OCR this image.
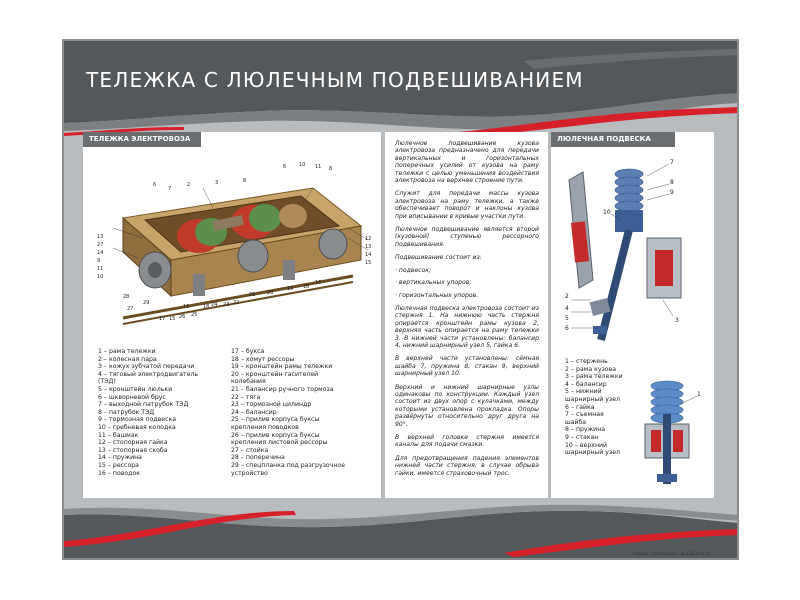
ТЕЛЕЖКА С ЛЮЛЕЧНЫМ ПОДВЕШИВАНИЕМ
ТЕЛЕЖКА ЭЛЕКТРОВОЗА
6
7
2	3	8
6	10 11 8
13
27
14
9
11
10
12
13
14
15
29
28
27
17 15 26 25
24 23 22
21 20
19 18
16
18
19
1 – рама тележки
2 – колесная пара
3 – кожух зубчатой передачи
4 – тяговый электродвигатель
(ТЭД)
5 – кронштейн люльки
6 – шкворневой брус
7 – выходной патрубок ТЭД
8 – патрубок ТЭД
9 – тормозная подвеска
10 – гребневая колодка
11 – башмак
12 – стопорная гайка
13 – стопорная скоба
14 – пружина
15 – рессора
16 – поводок
17 – букса
18 – хомут рессоры
19 – кронштейн рамы тележки
20 – кронштейн гасителей
колебания
21 – балансир ручного тормоза
22 – тяга
23 – тормозной цилиндр
24 – балансир
25 – прилив корпуса буксы
крепления поводков
26 – прилив корпуса буксы
крепления листовой рессоры
27 – стойка
28 – поперечина
29 – спецпланка под разгрузочное
устройство

Люлечное подвешивание кузова электровоза предназначено для передачи вертикальных и горизонтальных поперечных усилий от кузова на раму тележки с целью уменьшения воздействия электровоза на верхнее строение пути.

Служит для передачи массы кузова электровоза на раму тележки, а также обеспечивает поворот и наклоны кузова при вписывании в кривые участки пути.

Люлечное подвешивание является второй (кузовной) ступенью рессорного подвешивания.

Подвешивание состоит из:

· подвесок;

· вертикальных упоров;

· горизонтальных упоров.

Люлечная подвеска электровоза состоит из стержня 1. На нижнюю часть стержня опирается кронштейн рамы кузова 2, верхняя часть опирается на раму тележки 3. В нижней части установлены: балансир 4, нижний шарнирный узел 5, гайка 6.

В верхней части установлены: сёмная шайба 7, пружина 8, стакан 9, верхний шарнирный узел 10.

Верхний и нижний шарнирные узлы одинаковы по конструкции. Каждый узел состоит из двух опор с кулачками, между которыми установлена прокладка. Опоры развёрнуты относительно друг друга на 90°.

В верхней головке стержня имеется каналы для подачи смазки.

Для предотвращения падения элементов нижней части стержня, в случае обрыва гайки, имеется страховочный трос.

ЛЮЛЕЧНАЯ ПОДВЕСКА ЭЛЕКТРОВОЗА
7
8
9
10
2
4
5
6
3
1 – стержень
2 – рама кузова
3 – рама тележки
4 – балансир
5 – нижний
шарнирный узел
6 – гайка
7 – съемная
шайба
8 – пружина
9 – стакан
10 – верхний
шарнирный узел
1
Плакат · Электровоз · № 135-10-4-10
